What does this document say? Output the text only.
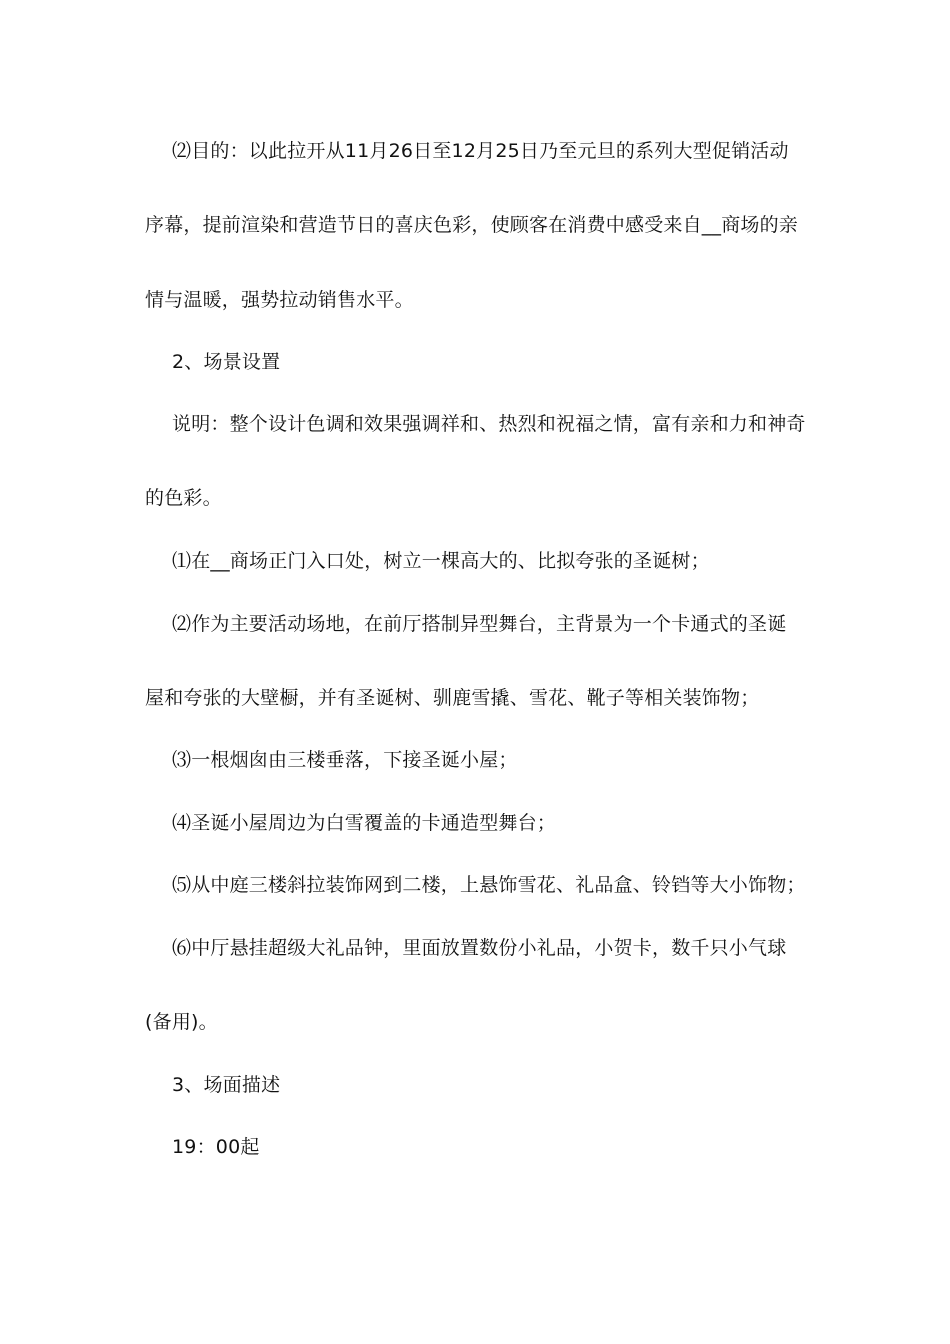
⑵目的：以此拉开从11月26日至12月25日乃至元旦的系列大型促销活动
序幕，提前渲染和营造节日的喜庆色彩，使顾客在消费中感受来自__商场的亲
情与温暖，强势拉动销售水平。
2、场景设置
说明：整个设计色调和效果强调祥和、热烈和祝福之情，富有亲和力和神奇
的色彩。
⑴在__商场正门入口处，树立一棵高大的、比拟夸张的圣诞树；
⑵作为主要活动场地，在前厅搭制异型舞台，主背景为一个卡通式的圣诞
屋和夸张的大壁橱，并有圣诞树、驯鹿雪撬、雪花、靴子等相关装饰物；
⑶一根烟囱由三楼垂落，下接圣诞小屋；
⑷圣诞小屋周边为白雪覆盖的卡通造型舞台；
⑸从中庭三楼斜拉装饰网到二楼，上悬饰雪花、礼品盒、铃铛等大小饰物；
⑹中厅悬挂超级大礼品钟，里面放置数份小礼品，小贺卡，数千只小气球
(备用)。
3、场面描述
19：00起
